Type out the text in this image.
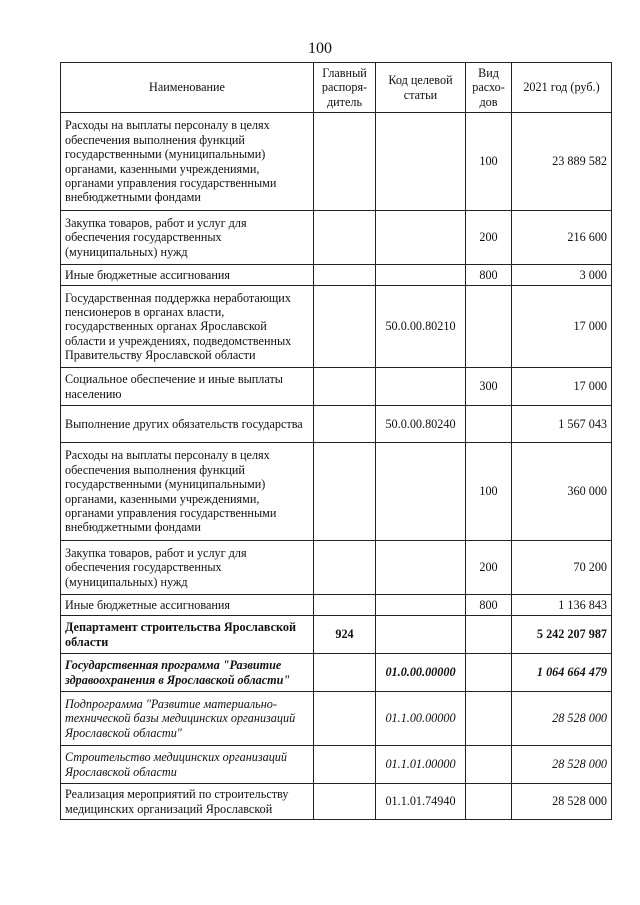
100
Наименование	Главный распоря-дитель	Код целевой статьи	Вид расхо-дов	2021 год (руб.)
Расходы на выплаты персоналу в целях обеспечения выполнения функций государственными (муниципальными) органами, казенными учреждениями, органами управления государственными внебюджетными фондами			100	23 889 582
Закупка товаров, работ и услуг для обеспечения государственных (муниципальных) нужд			200	216 600
Иные бюджетные ассигнования			800	3 000
Государственная поддержка неработающих пенсионеров в органах власти, государственных органах Ярославской области и учреждениях, подведомственных Правительству Ярославской области		50.0.00.80210		17 000
Социальное обеспечение и иные выплаты населению			300	17 000
Выполнение других обязательств государства		50.0.00.80240		1 567 043
Расходы на выплаты персоналу в целях обеспечения выполнения функций государственными (муниципальными) органами, казенными учреждениями, органами управления государственными внебюджетными фондами			100	360 000
Закупка товаров, работ и услуг для обеспечения государственных (муниципальных) нужд			200	70 200
Иные бюджетные ассигнования			800	1 136 843
Департамент строительства Ярославской области	924			5 242 207 987
Государственная программа "Развитие здравоохранения в Ярославской области"		01.0.00.00000		1 064 664 479
Подпрограмма "Развитие материально-технической базы медицинских организаций Ярославской области"		01.1.00.00000		28 528 000
Строительство медицинских организаций Ярославской области		01.1.01.00000		28 528 000
Реализация мероприятий по строительству медицинских организаций Ярославской		01.1.01.74940		28 528 000
